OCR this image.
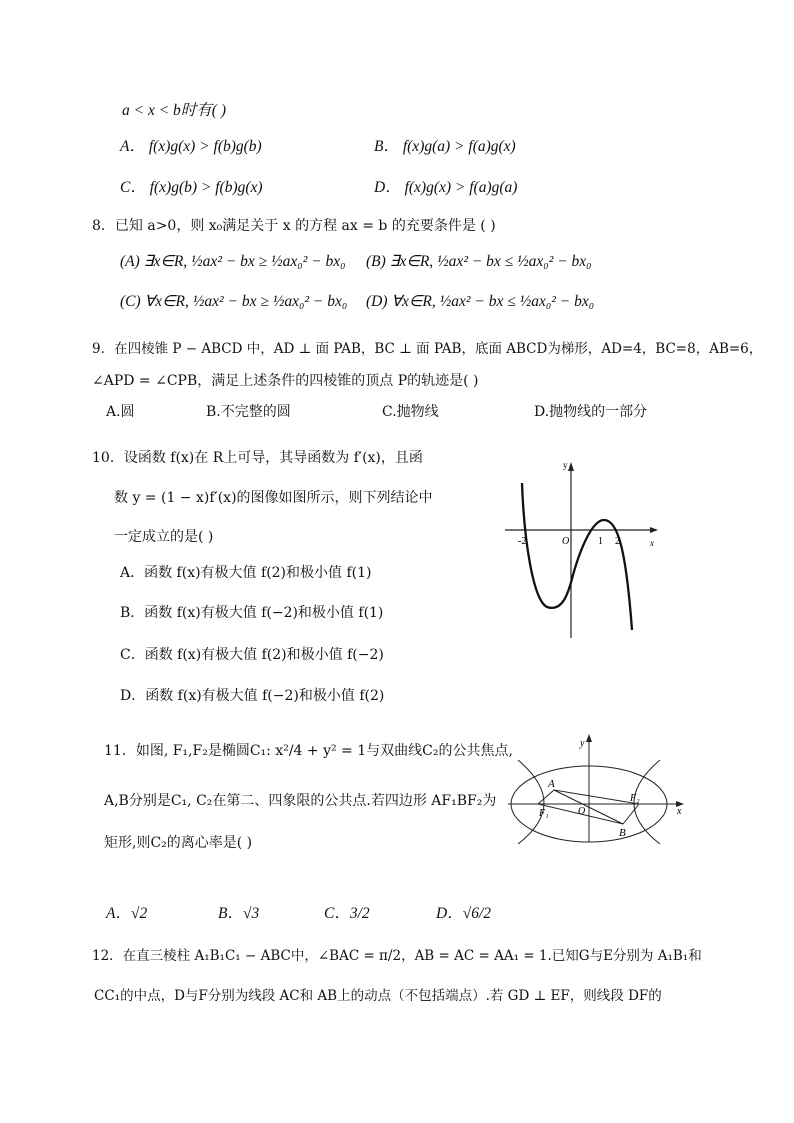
a < x < b时有( )
A． f(x)g(x) > f(b)g(b)	B． f(x)g(a) > f(a)g(x)
C． f(x)g(b) > f(b)g(x)	D． f(x)g(x) > f(a)g(a)
8．已知 a>0，则 x₀满足关于 x 的方程 ax = b 的充要条件是 ( )
(A) ∃x∈R, ½ax² − bx ≥ ½ax₀² − bx₀ (B) ∃x∈R, ½ax² − bx ≤ ½ax₀² − bx₀
(C) ∀x∈R, ½ax² − bx ≥ ½ax₀² − bx₀ (D) ∀x∈R, ½ax² − bx ≤ ½ax₀² − bx₀
9．在四棱锥 P − ABCD 中，AD ⊥ 面 PAB，BC ⊥ 面 PAB，底面 ABCD为梯形，AD=4，BC=8，AB=6，
∠APD = ∠CPB，满足上述条件的四棱锥的顶点 P的轨迹是( )
A.圆	B.不完整的圆	C.抛物线	D.抛物线的一部分
10．设函数 f(x)在 R上可导，其导函数为 f′(x)，且函
数 y = (1 − x)f′(x)的图像如图所示，则下列结论中
一定成立的是( )
A．函数 f(x)有极大值 f(2)和极小值 f(1)
B．函数 f(x)有极大值 f(−2)和极小值 f(1)
C．函数 f(x)有极大值 f(2)和极小值 f(−2)
D．函数 f(x)有极大值 f(−2)和极小值 f(2)
y
-2	O	1 2	x
11．如图, F₁,F₂是椭圆C₁: x²/4 + y² = 1与双曲线C₂的公共焦点,
A,B分别是C₁, C₂在第二、四象限的公共点.若四边形 AF₁BF₂为
矩形,则C₂的离心率是( )
A．√2	B．√3	C．3/2	D．√6/2
A
B
O
F₁
F₂
y
x
12．在直三棱柱 A₁B₁C₁ − ABC中，∠BAC = π/2，AB = AC = AA₁ = 1.已知G与E分别为 A₁B₁和
CC₁的中点，D与F分别为线段 AC和 AB上的动点（不包括端点）.若 GD ⊥ EF，则线段 DF的
